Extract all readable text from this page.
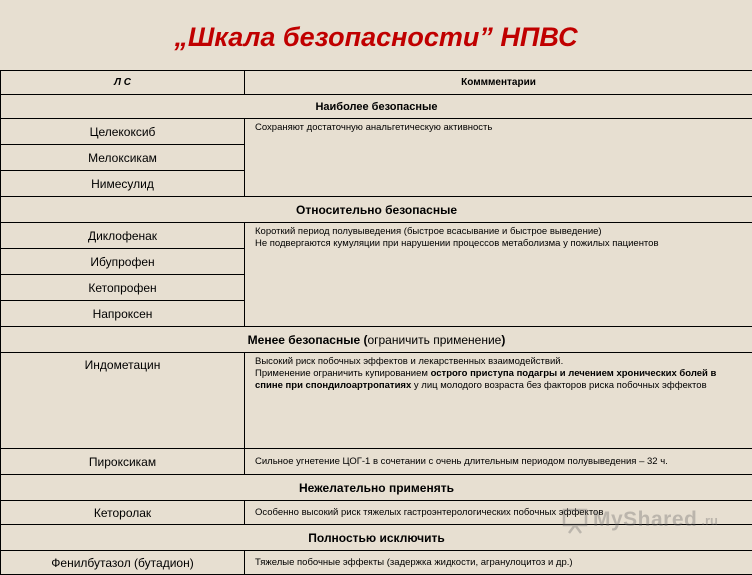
„Шкала безопасности” НПВС
Л С	Коммментарии
Наиболее безопасные	
Целекоксиб	Сохраняют достаточную анальгетическую активность
Мелоксикам	
Нимесулид	
Относительно безопасные	
Диклофенак	Короткий период полувыведения (быстрое всасывание и быстрое выведение)
Не подвергаются кумуляции при нарушении процессов метаболизма у пожилых пациентов
Ибупрофен	
Кетопрофен	
Напроксен	
Менее безопасные (ограничить применение)	
Индометацин	Высокий риск побочных эффектов и лекарственных взаимодействий.
Применение ограничить купированием острого приступа подагры и лечением хронических болей в спине при спондилоартропатиях у лиц молодого возраста без факторов риска побочных эффектов
Пироксикам	Сильное угнетение ЦОГ-1 в сочетании с очень длительным периодом полувыведения – 32 ч.
Нежелательно применять	
Кеторолак	Особенно высокий риск тяжелых гастроэнтерологических побочных эффектов
Полностью исключить	
Фенилбутазол (бутадион)	Тяжелые побочные эффекты (задержка жидкости, агранулоцитоз и др.)
MyShared .ru
